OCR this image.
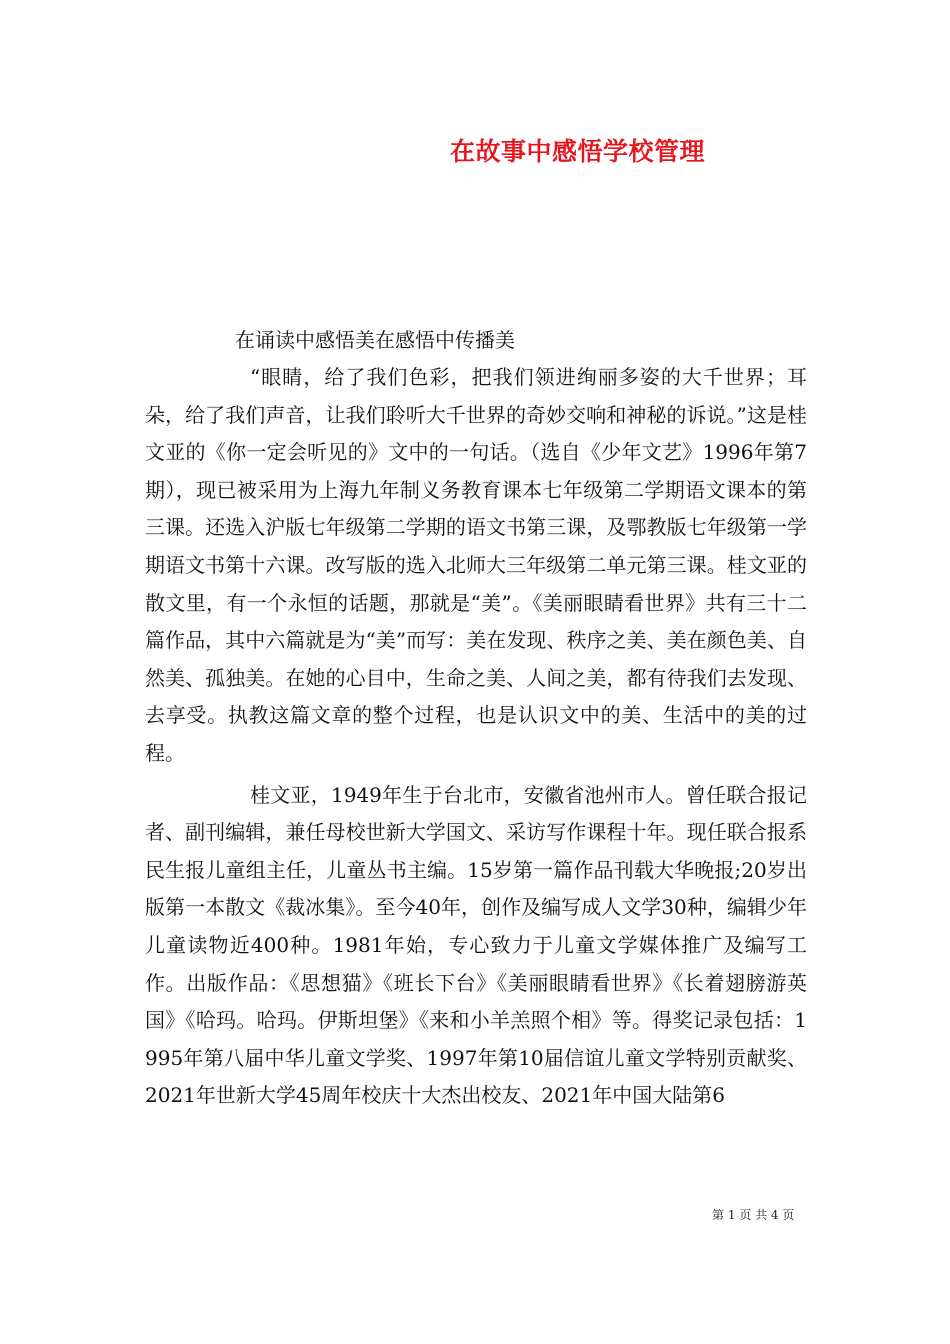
在故事中感悟学校管理

在诵读中感悟美在感悟中传播美

“眼睛，给了我们色彩，把我们领进绚丽多姿的大千世界；耳朵，给了我们声音，让我们聆听大千世界的奇妙交响和神秘的诉说。”这是桂文亚的《你一定会听见的》文中的一句话。（选自《少年文艺》1996年第7期），现已被采用为上海九年制义务教育课本七年级第二学期语文课本的第三课。还选入沪版七年级第二学期的语文书第三课，及鄂教版七年级第一学期语文书第十六课。改写版的选入北师大三年级第二单元第三课。桂文亚的散文里，有一个永恒的话题，那就是“美”。《美丽眼睛看世界》共有三十二篇作品，其中六篇就是为“美”而写：美在发现、秩序之美、美在颜色美、自然美、孤独美。在她的心目中，生命之美、人间之美，都有待我们去发现、去享受。执教这篇文章的整个过程，也是认识文中的美、生活中的美的过程。

桂文亚，1949年生于台北市，安徽省池州市人。曾任联合报记者、副刊编辑，兼任母校世新大学国文、采访写作课程十年。现任联合报系民生报儿童组主任，儿童丛书主编。15岁第一篇作品刊载大华晚报;20岁出版第一本散文《裁冰集》。至今40年，创作及编写成人文学30种，编辑少年儿童读物近400种。1981年始，专心致力于儿童文学媒体推广及编写工作。出版作品：《思想猫》《班长下台》《美丽眼睛看世界》《长着翅膀游英国》《哈玛。哈玛。伊斯坦堡》《来和小羊羔照个相》等。得奖记录包括：1995年第八届中华儿童文学奖、1997年第10届信谊儿童文学特别贡献奖、2021年世新大学45周年校庆十大杰出校友、2021年中国大陆第6

第 1 页 共 4 页
